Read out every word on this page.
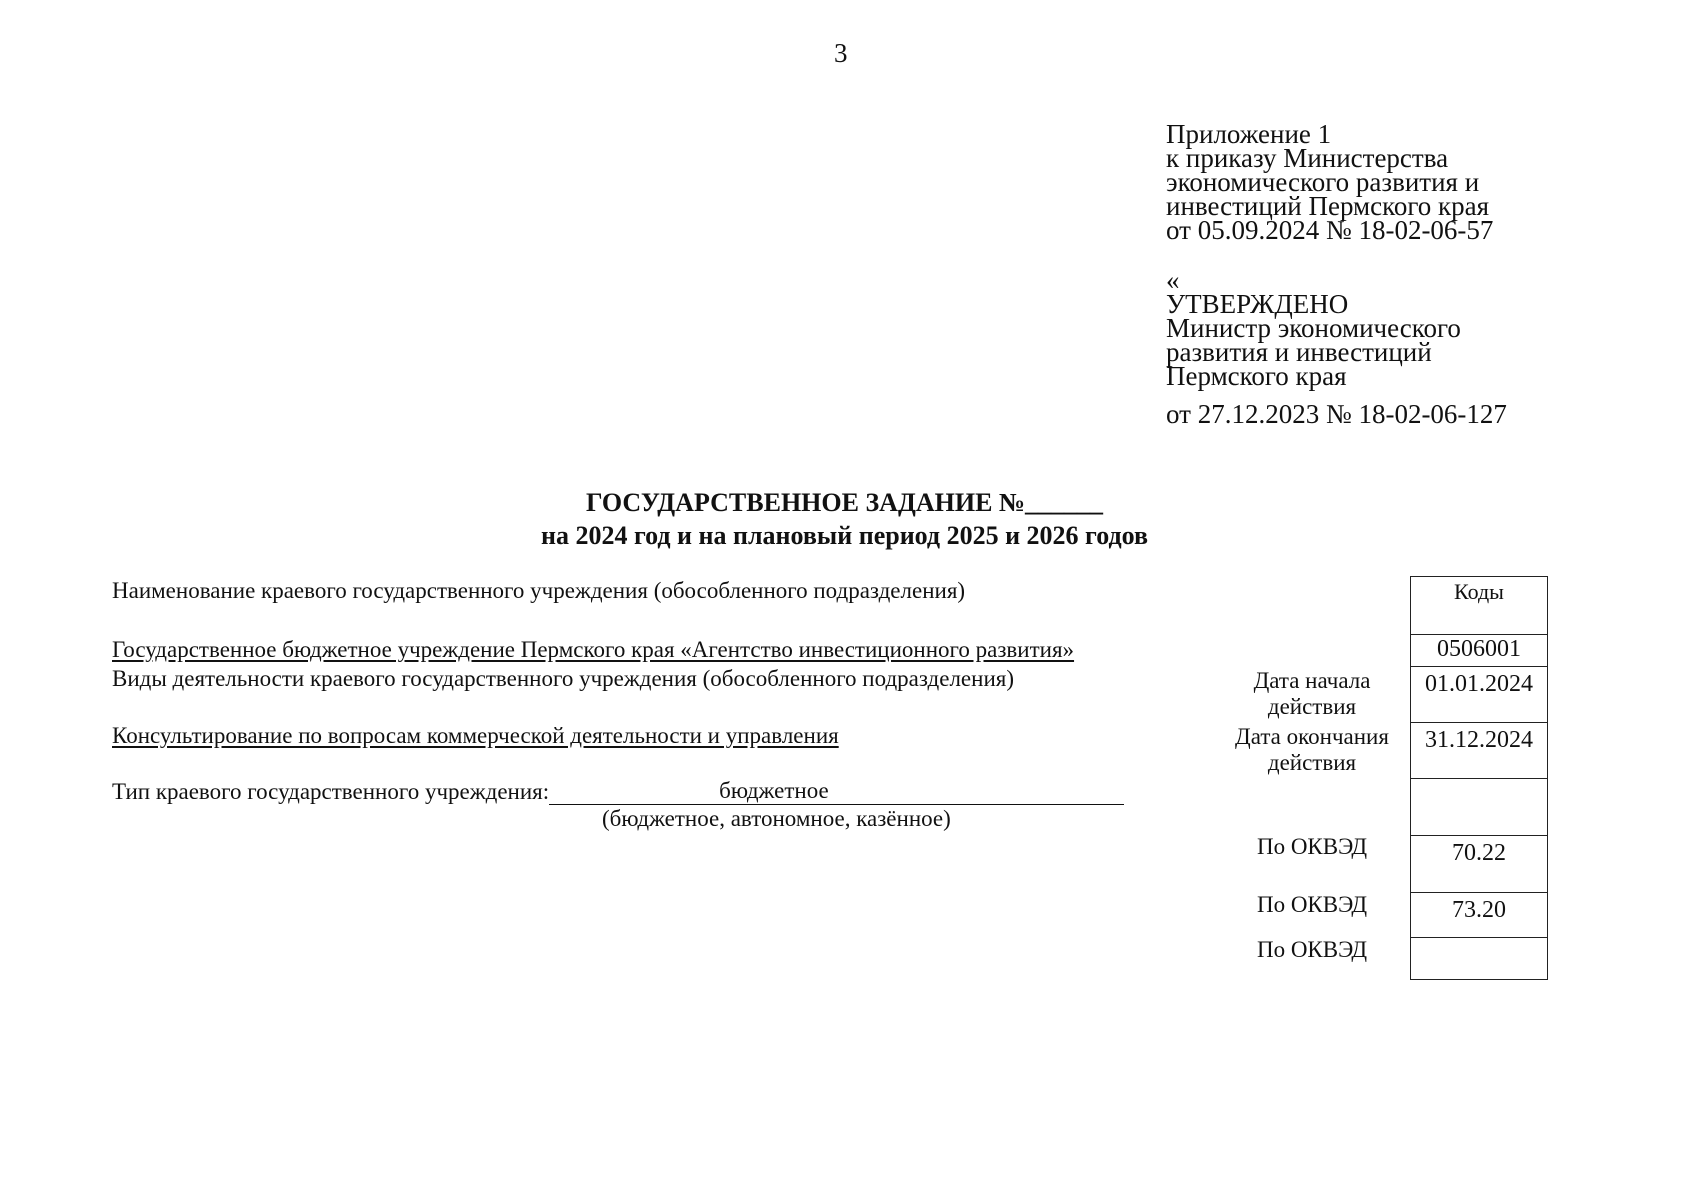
3
Приложение 1
к приказу Министерства
экономического развития и
инвестиций Пермского края
от 05.09.2024 № 18-02-06-57
«
УТВЕРЖДЕНО
Министр экономического
развития и инвестиций
Пермского края
от 27.12.2023 № 18-02-06-127
ГОСУДАРСТВЕННОЕ ЗАДАНИЕ №______
на 2024 год и на плановый период 2025 и 2026 годов
Наименование краевого государственного учреждения (обособленного подразделения)
Государственное бюджетное учреждение Пермского края «Агентство инвестиционного развития»
Виды деятельности краевого государственного учреждения (обособленного подразделения)
Консультирование по вопросам коммерческой деятельности и управления
Тип краевого государственного учреждения:	бюджетное
(бюджетное, автономное, казённое)
Дата начала
действия
Дата окончания
действия
По ОКВЭД
По ОКВЭД
По ОКВЭД
Коды
0506001
01.01.2024
31.12.2024
70.22
73.20
